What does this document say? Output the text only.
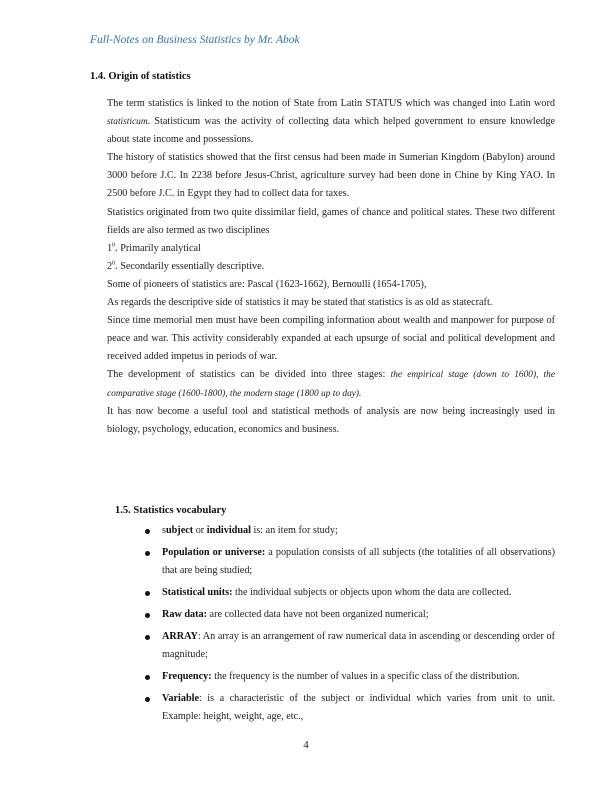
Full-Notes on Business Statistics by Mr. Abok
1.4. Origin of statistics

The term statistics is linked to the notion of State from Latin STATUS which was changed into Latin word statisticum. Statisticum was the activity of collecting data which helped government to ensure knowledge about state income and possessions.

The history of statistics showed that the first census had been made in Sumerian Kingdom (Babylon) around 3000 before J.C. In 2238 before Jesus-Christ, agriculture survey had been done in Chine by King YAO. In 2500 before J.C. in Egypt they had to collect data for taxes.

Statistics originated from two quite dissimilar field, games of chance and political states. These two different fields are also termed as two disciplines

$1^0$. Primarily analytical

$2^0$. Secondarily essentially descriptive.

Some of pioneers of statistics are: Pascal (1623-1662), Bernoulli (1654-1705),

As regards the descriptive side of statistics it may be stated that statistics is as old as statecraft.

Since time memorial men must have been compiling information about wealth and manpower for purpose of peace and war. This activity considerably expanded at each upsurge of social and political development and received added impetus in periods of war.

The development of statistics can be divided into three stages: the empirical stage (down to 1600), the comparative stage (1600-1800), the modern stage (1800 up to day).

It has now become a useful tool and statistical methods of analysis are now being increasingly used in biology, psychology, education, economics and business.

1.5. Statistics vocabulary
subject or individual is: an item for study;
Population or universe: a population consists of all subjects (the totalities of all observations) that are being studied;
Statistical units: the individual subjects or objects upon whom the data are collected.
Raw data: are collected data have not been organized numerical;
ARRAY: An array is an arrangement of raw numerical data in ascending or descending order of magnitude;
Frequency: the frequency is the number of values in a specific class of the distribution.
Variable: is a characteristic of the subject or individual which varies from unit to unit. Example: height, weight, age, etc.,
4
